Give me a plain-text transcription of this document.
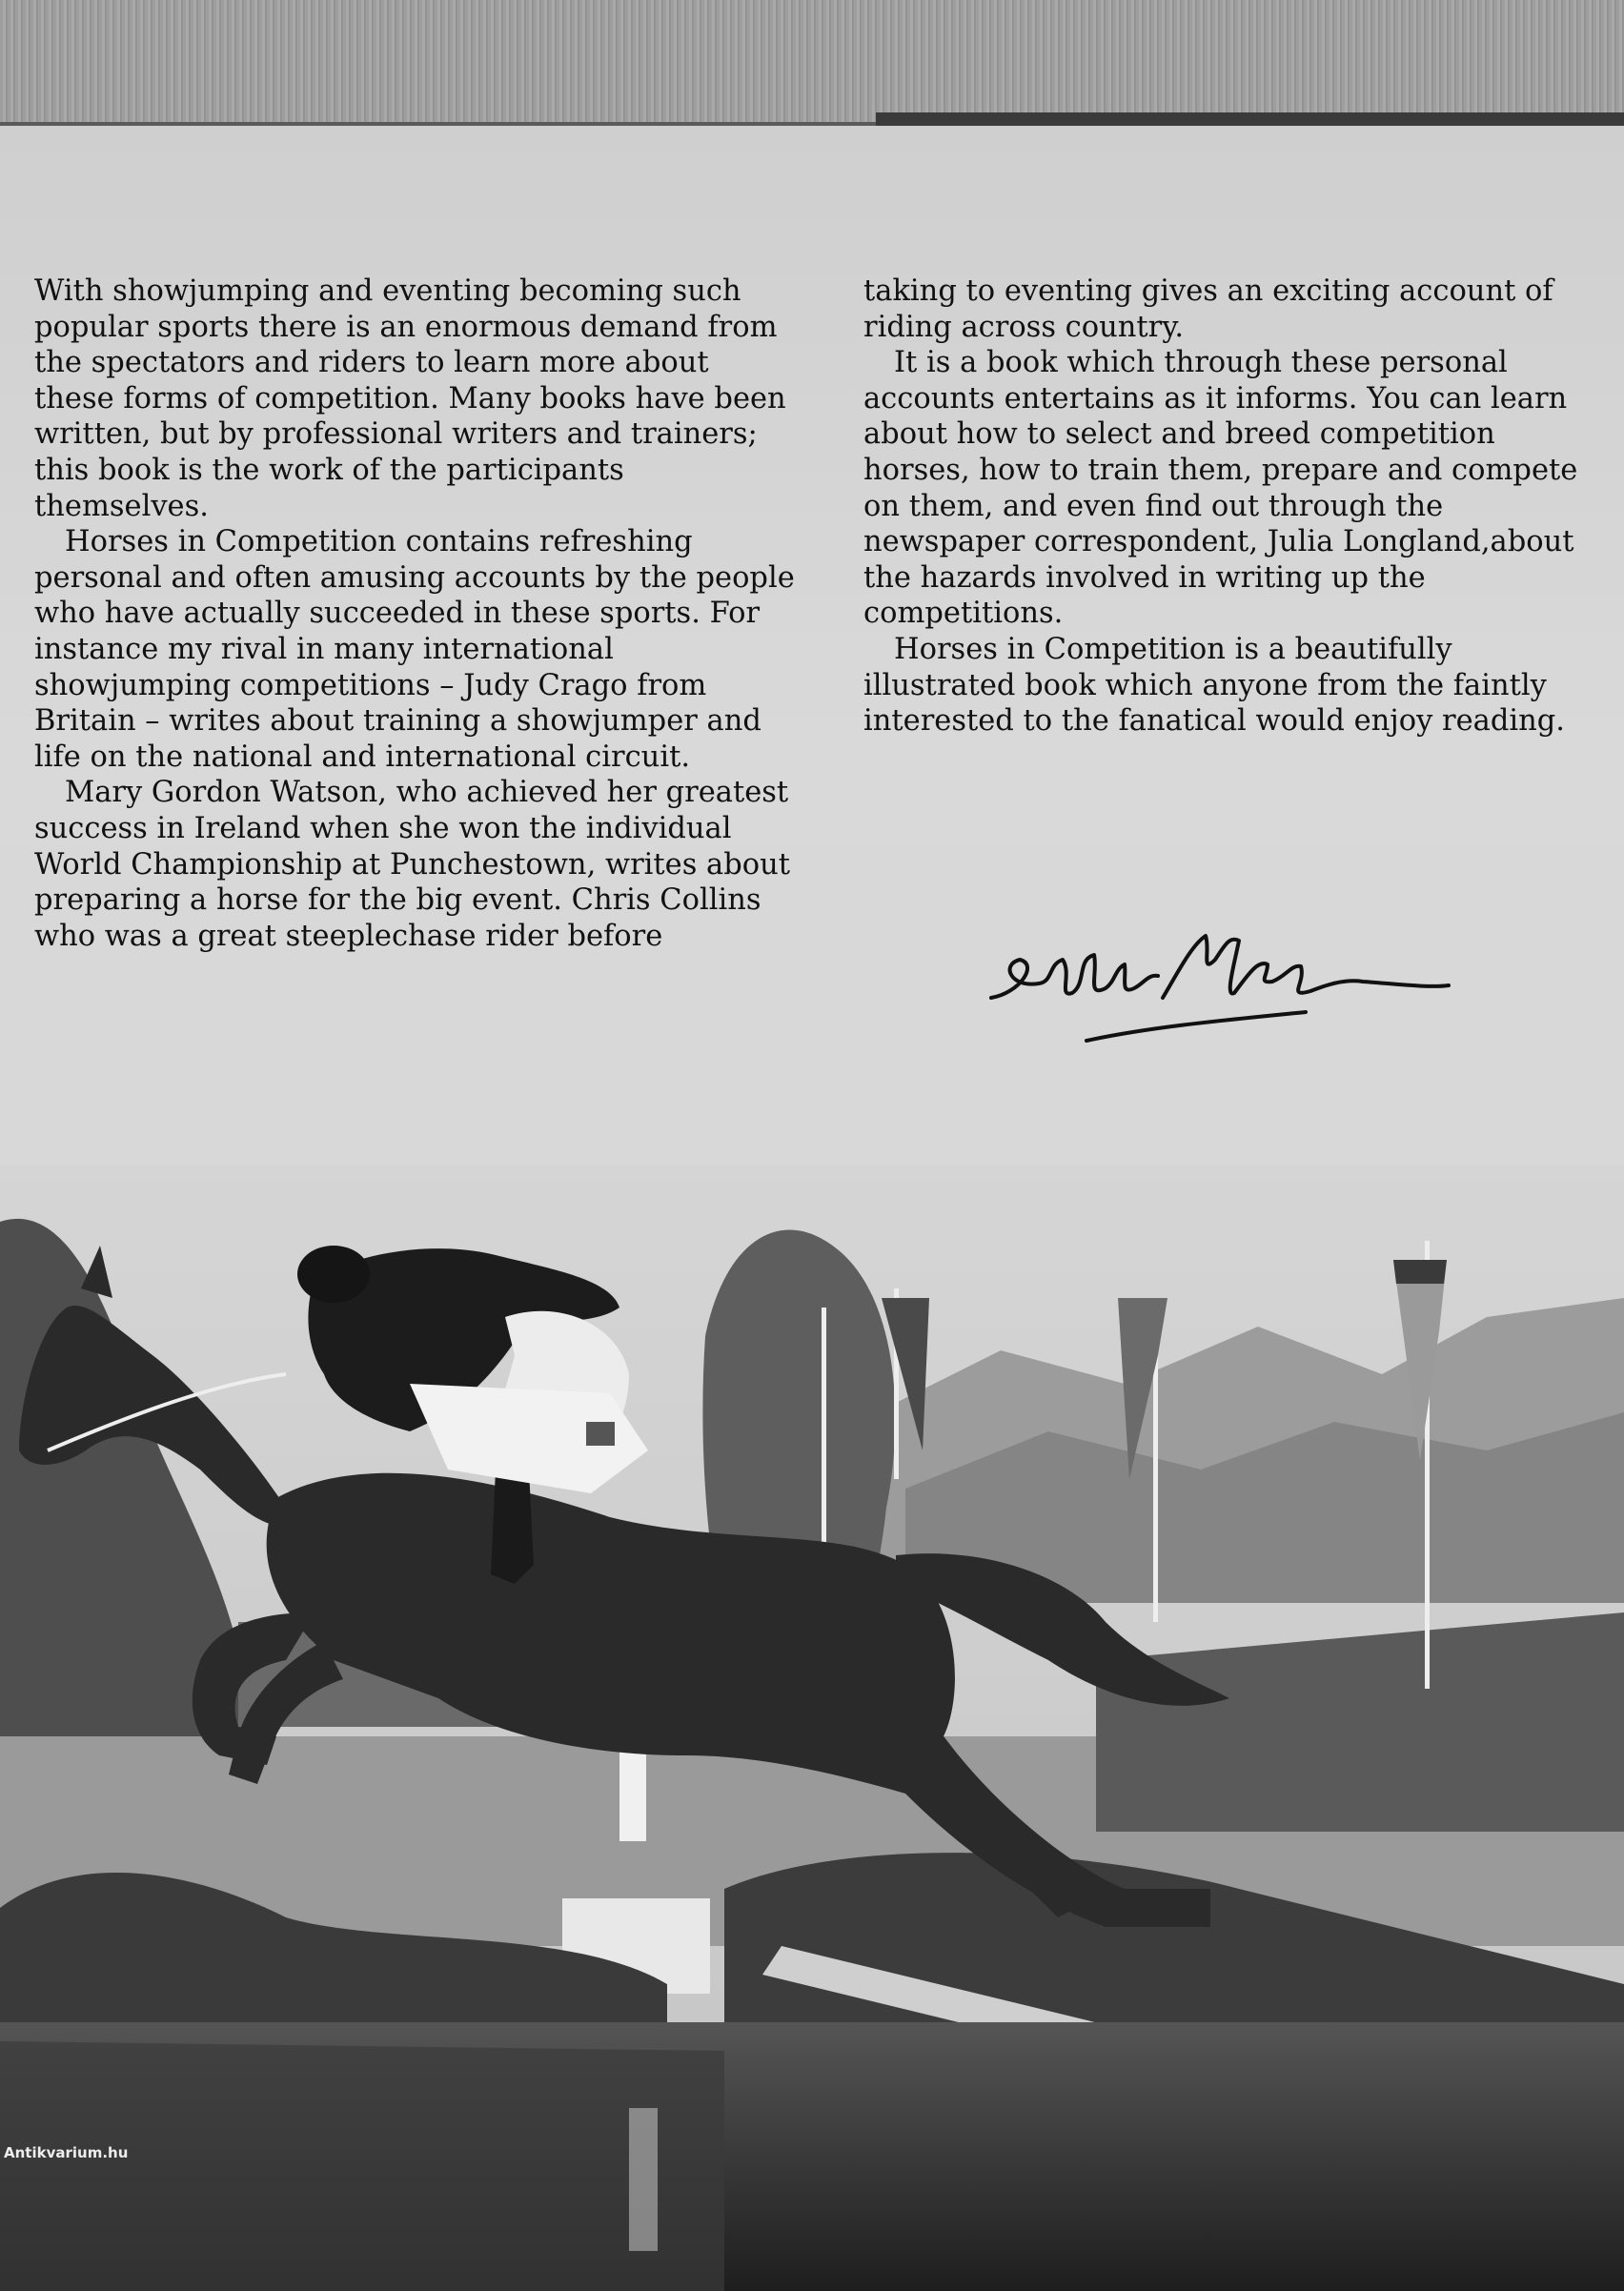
With showjumping and eventing becoming such popular sports there is an enormous demand from the spectators and riders to learn more about these forms of competition. Many books have been written, but by professional writers and trainers; this book is the work of the participants themselves.

Horses in Competition contains refreshing personal and often amusing accounts by the people who have actually succeeded in these sports. For instance my rival in many international showjumping competitions – Judy Crago from Britain – writes about training a showjumper and life on the national and international circuit.

Mary Gordon Watson, who achieved her greatest success in Ireland when she won the individual World Championship at Punchestown, writes about preparing a horse for the big event. Chris Collins who was a great steeplechase rider before

taking to eventing gives an exciting account of riding across country.

It is a book which through these personal accounts entertains as it informs. You can learn about how to select and breed competition horses, how to train them, prepare and compete on them, and even find out through the newspaper correspondent, Julia Longland,about the hazards involved in writing up the competitions.

Horses in Competition is a beautifully illustrated book which anyone from the faintly interested to the fanatical would enjoy reading.

Antikvarium.hu
